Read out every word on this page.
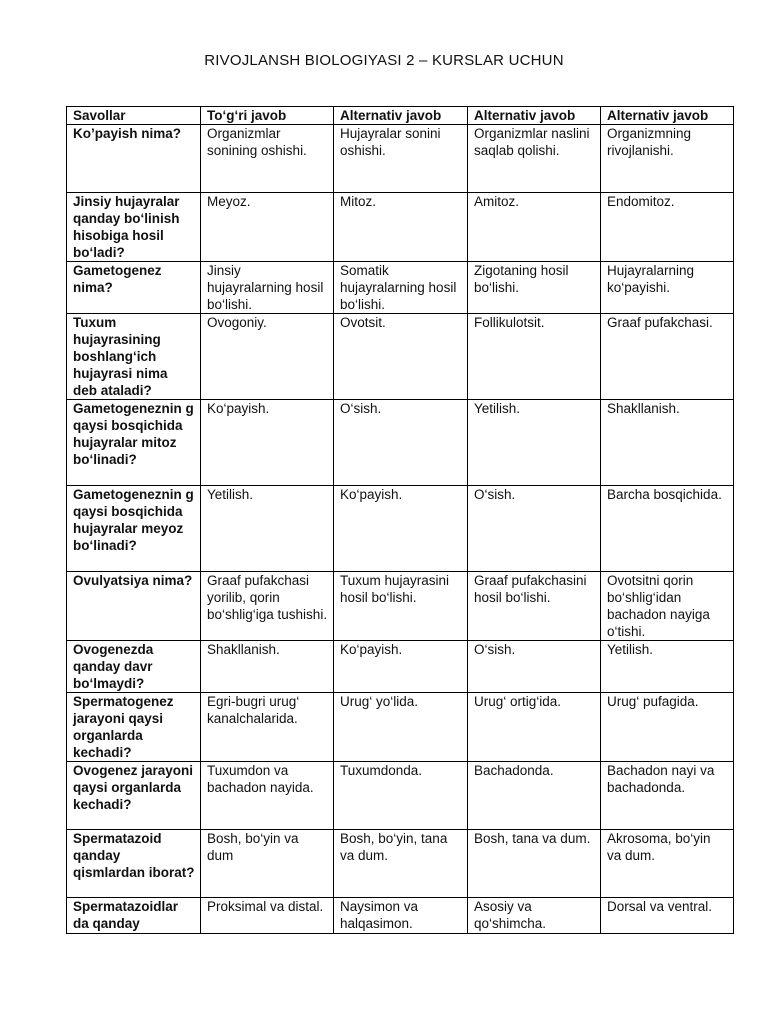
RIVOJLANSH BIOLOGIYASI 2 – KURSLAR UCHUN
Savollar	To‘g‘ri javob	Alternativ javob	Alternativ javob	Alternativ javob
Ko’payish nima?	Organizmlar sonining oshishi.	Hujayralar sonini oshishi.	Organizmlar naslini saqlab qolishi.	Organizmning rivojlanishi.
Jinsiy hujayralar qanday bo‘linish hisobiga hosil bo‘ladi?	Meyoz.	Mitoz.	Amitoz.	Endomitoz.
Gametogenez nima?	Jinsiy hujayralarning hosil bo‘lishi.	Somatik hujayralarning hosil bo‘lishi.	Zigotaning hosil bo‘lishi.	Hujayralarning ko‘payishi.
Tuxum hujayrasining boshlang‘ich hujayrasi nima deb ataladi?	Ovogoniy.	Ovotsit.	Follikulotsit.	Graaf pufakchasi.
Gametogeneznin g qaysi bosqichida hujayralar mitoz bo‘linadi?	Ko‘payish.	O‘sish.	Yetilish.	Shakllanish.
Gametogeneznin g qaysi bosqichida hujayralar meyoz bo‘linadi?	Yetilish.	Ko‘payish.	O‘sish.	Barcha bosqichida.
Ovulyatsiya nima?	Graaf pufakchasi yorilib, qorin bo‘shlig‘iga tushishi.	Tuxum hujayrasini hosil bo‘lishi.	Graaf pufakchasini hosil bo‘lishi.	Ovotsitni qorin bo‘shlig‘idan bachadon nayiga o‘tishi.
Ovogenezda qanday davr bo‘lmaydi?	Shakllanish.	Ko‘payish.	O‘sish.	Yetilish.
Spermatogenez jarayoni qaysi organlarda kechadi?	Egri-bugri urug‘ kanalchalarida.	Urug‘ yo‘lida.	Urug‘ ortig‘ida.	Urug‘ pufagida.
Ovogenez jarayoni qaysi organlarda kechadi?	Tuxumdon va bachadon nayida.	Tuxumdonda.	Bachadonda.	Bachadon nayi va bachadonda.
Spermatazoid qanday qismlardan iborat?	Bosh, bo‘yin va dum	Bosh, bo‘yin, tana va dum.	Bosh, tana va dum.	Akrosoma, bo‘yin va dum.
Spermatazoidlar da qanday	Proksimal va distal.	Naysimon va halqasimon.	Asosiy va qo‘shimcha.	Dorsal va ventral.
